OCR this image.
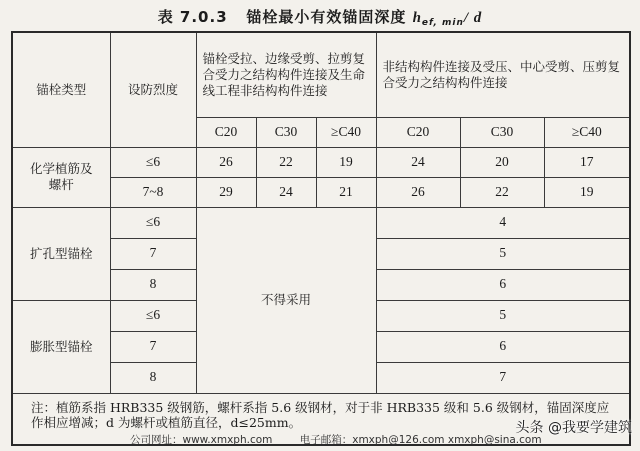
表 7.0.3 锚栓最小有效锚固深度 $h_{ef, min}/$ d
锚栓类型	设防烈度	锚栓受拉、边缘受剪、拉剪复合受力之结构构件连接及生命线工程非结构构件连接			非结构构件连接及受压、中心受剪、压剪复合受力之结构构件连接		
		C20	C30	≥C40	C20	C30	≥C40
化学植筋及螺杆	≤6	26	22	19	24	20	17
	7~8	29	24	21	26	22	19
扩孔型锚栓	≤6	不得采用			4		
	7				5		
	8				6		
膨胀型锚栓	≤6				5		
	7				6		
	8				7		
注：植筋系指 HRB335 级钢筋，螺杆系指 5.6 级钢材，对于非 HRB335 级和 5.6 级钢材，锚固深度应作相应增减；d 为螺杆或植筋直径，d≤25mm。							
公司网址：www.xmxph.com	电子邮箱：xmxph@126.com xmxph@sina.com
头条 @我要学建筑
